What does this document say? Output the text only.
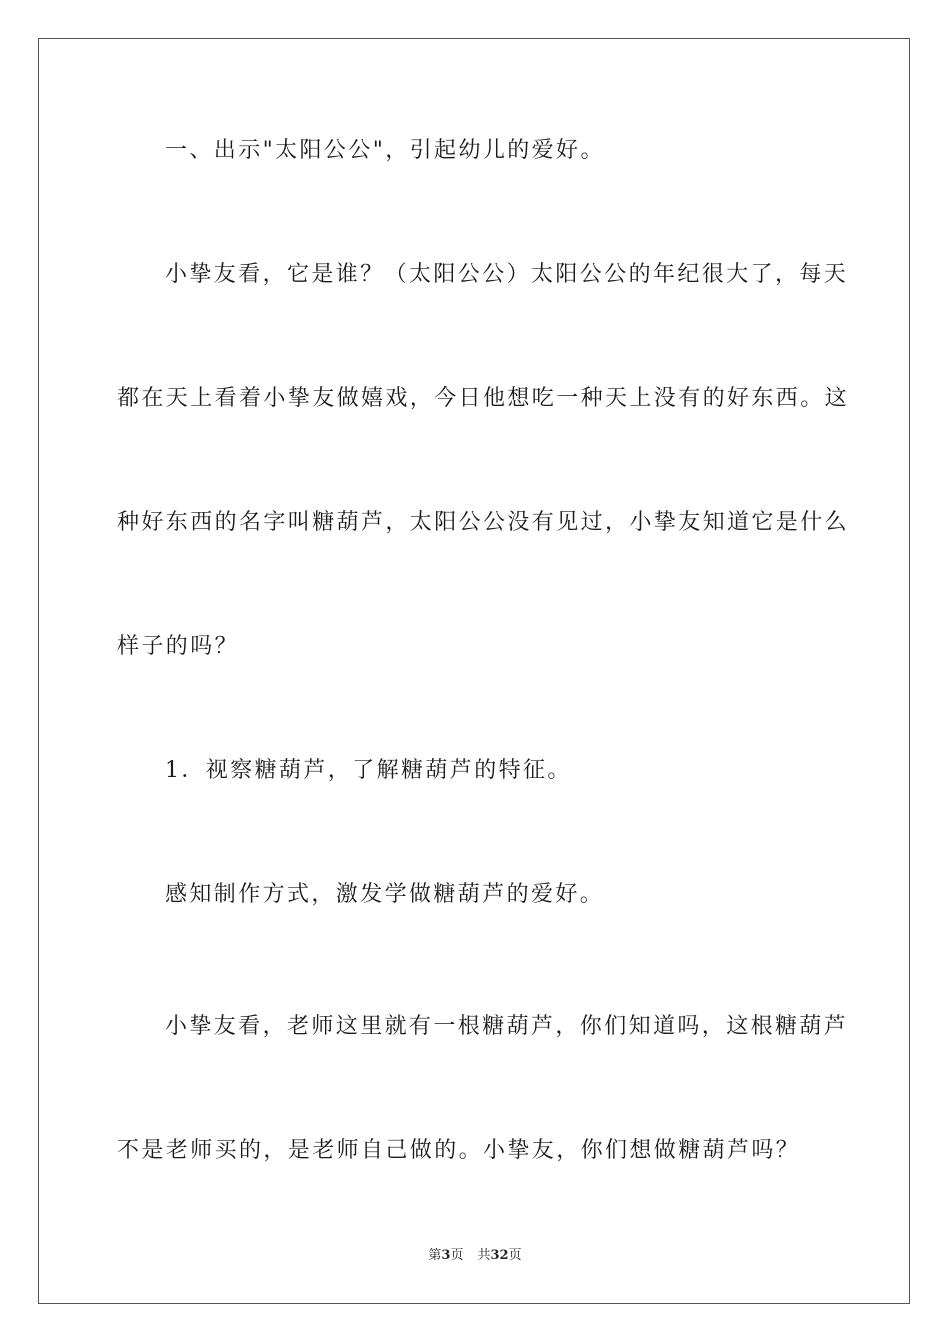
一、出示"太阳公公"，引起幼儿的爱好。

小挚友看，它是谁？（太阳公公）太阳公公的年纪很大了，每天

都在天上看着小挚友做嬉戏，今日他想吃一种天上没有的好东西。这

种好东西的名字叫糖葫芦，太阳公公没有见过，小挚友知道它是什么

样子的吗？

1．视察糖葫芦，了解糖葫芦的特征。

感知制作方式，激发学做糖葫芦的爱好。

小挚友看，老师这里就有一根糖葫芦，你们知道吗，这根糖葫芦

不是老师买的，是老师自己做的。小挚友，你们想做糖葫芦吗？

第3页 共32页
